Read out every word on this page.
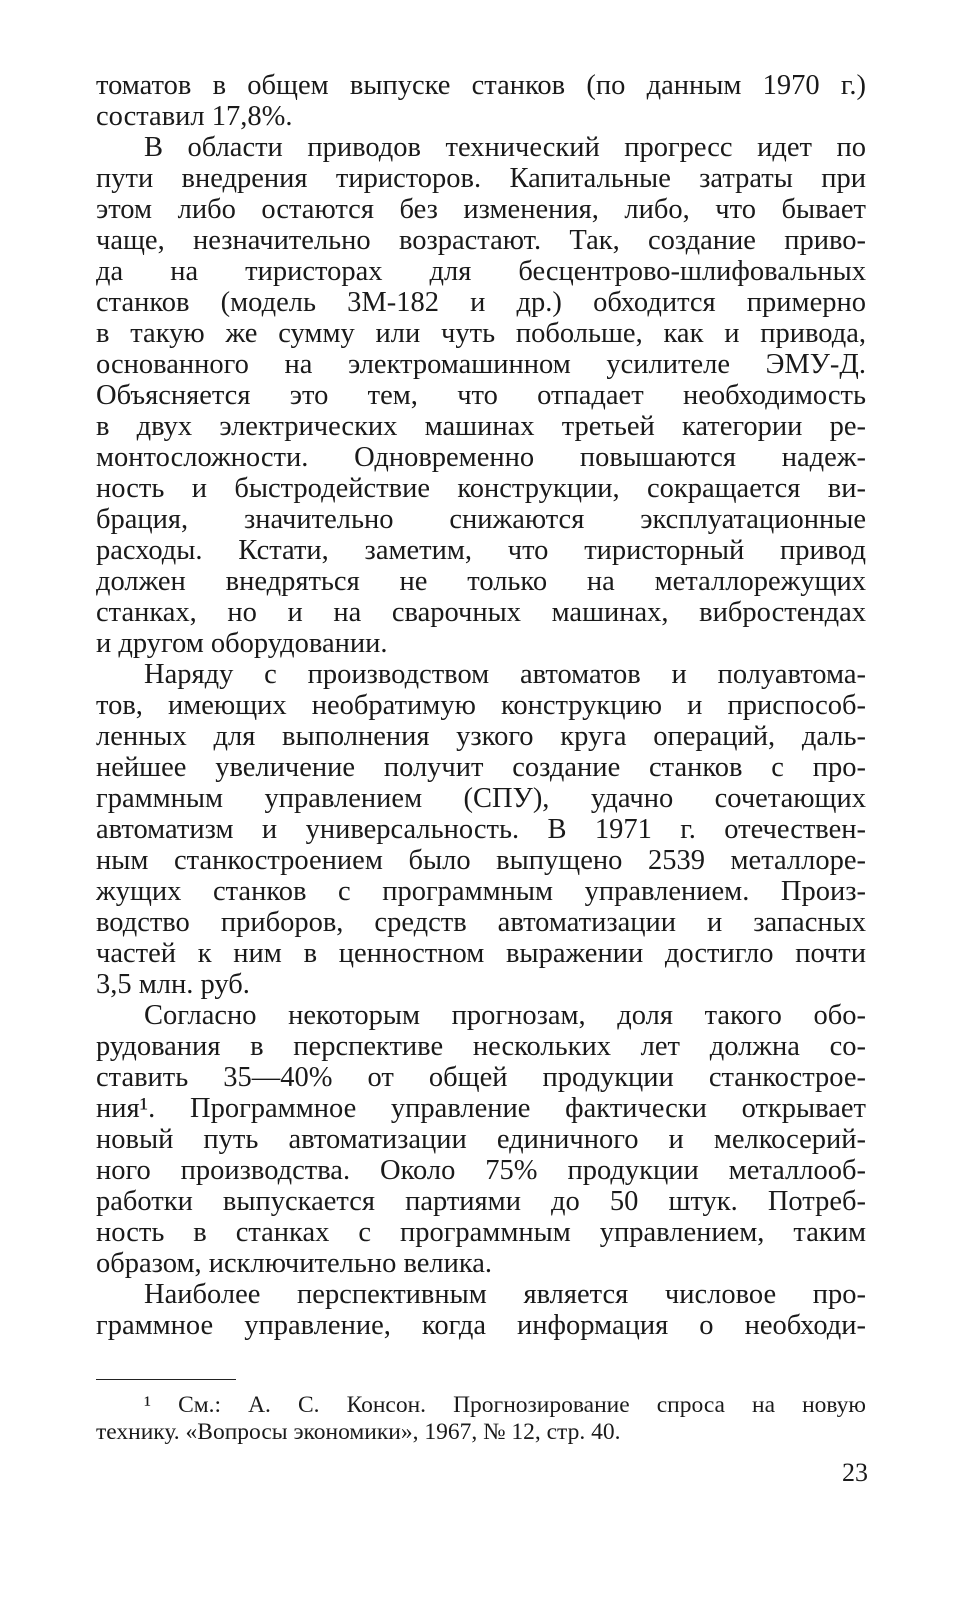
томатов в общем выпуске станков (по данным 1970 г.)
составил 17,8%.
В области приводов технический прогресс идет по
пути внедрения тиристоров. Капитальные затраты при
этом либо остаются без изменения, либо, что бывает
чаще, незначительно возрастают. Так, создание приво-
да на тиристорах для бесцентрово-шлифовальных
станков (модель 3М-182 и др.) обходится примерно
в такую же сумму или чуть побольше, как и привода,
основанного на электромашинном усилителе ЭМУ-Д.
Объясняется это тем, что отпадает необходимость
в двух электрических машинах третьей категории ре-
монтосложности. Одновременно повышаются надеж-
ность и быстродействие конструкции, сокращается ви-
брация, значительно снижаются эксплуатационные
расходы. Кстати, заметим, что тиристорный привод
должен внедряться не только на металлорежущих
станках, но и на сварочных машинах, вибростендах
и другом оборудовании.
Наряду с производством автоматов и полуавтома-
тов, имеющих необратимую конструкцию и приспособ-
ленных для выполнения узкого круга операций, даль-
нейшее увеличение получит создание станков с про-
граммным управлением (СПУ), удачно сочетающих
автоматизм и универсальность. В 1971 г. отечествен-
ным станкостроением было выпущено 2539 металлоре-
жущих станков с программным управлением. Произ-
водство приборов, средств автоматизации и запасных
частей к ним в ценностном выражении достигло почти
3,5 млн. руб.
Согласно некоторым прогнозам, доля такого обо-
рудования в перспективе нескольких лет должна со-
ставить 35—40% от общей продукции станкострое-
ния¹. Программное управление фактически открывает
новый путь автоматизации единичного и мелкосерий-
ного производства. Около 75% продукции металлооб-
работки выпускается партиями до 50 штук. Потреб-
ность в станках с программным управлением, таким
образом, исключительно велика.
Наиболее перспективным является числовое про-
граммное управление, когда информация о необходи-
¹ См.: А. С. Консон. Прогнозирование спроса на новую
технику. «Вопросы экономики», 1967, № 12, стр. 40.
23
